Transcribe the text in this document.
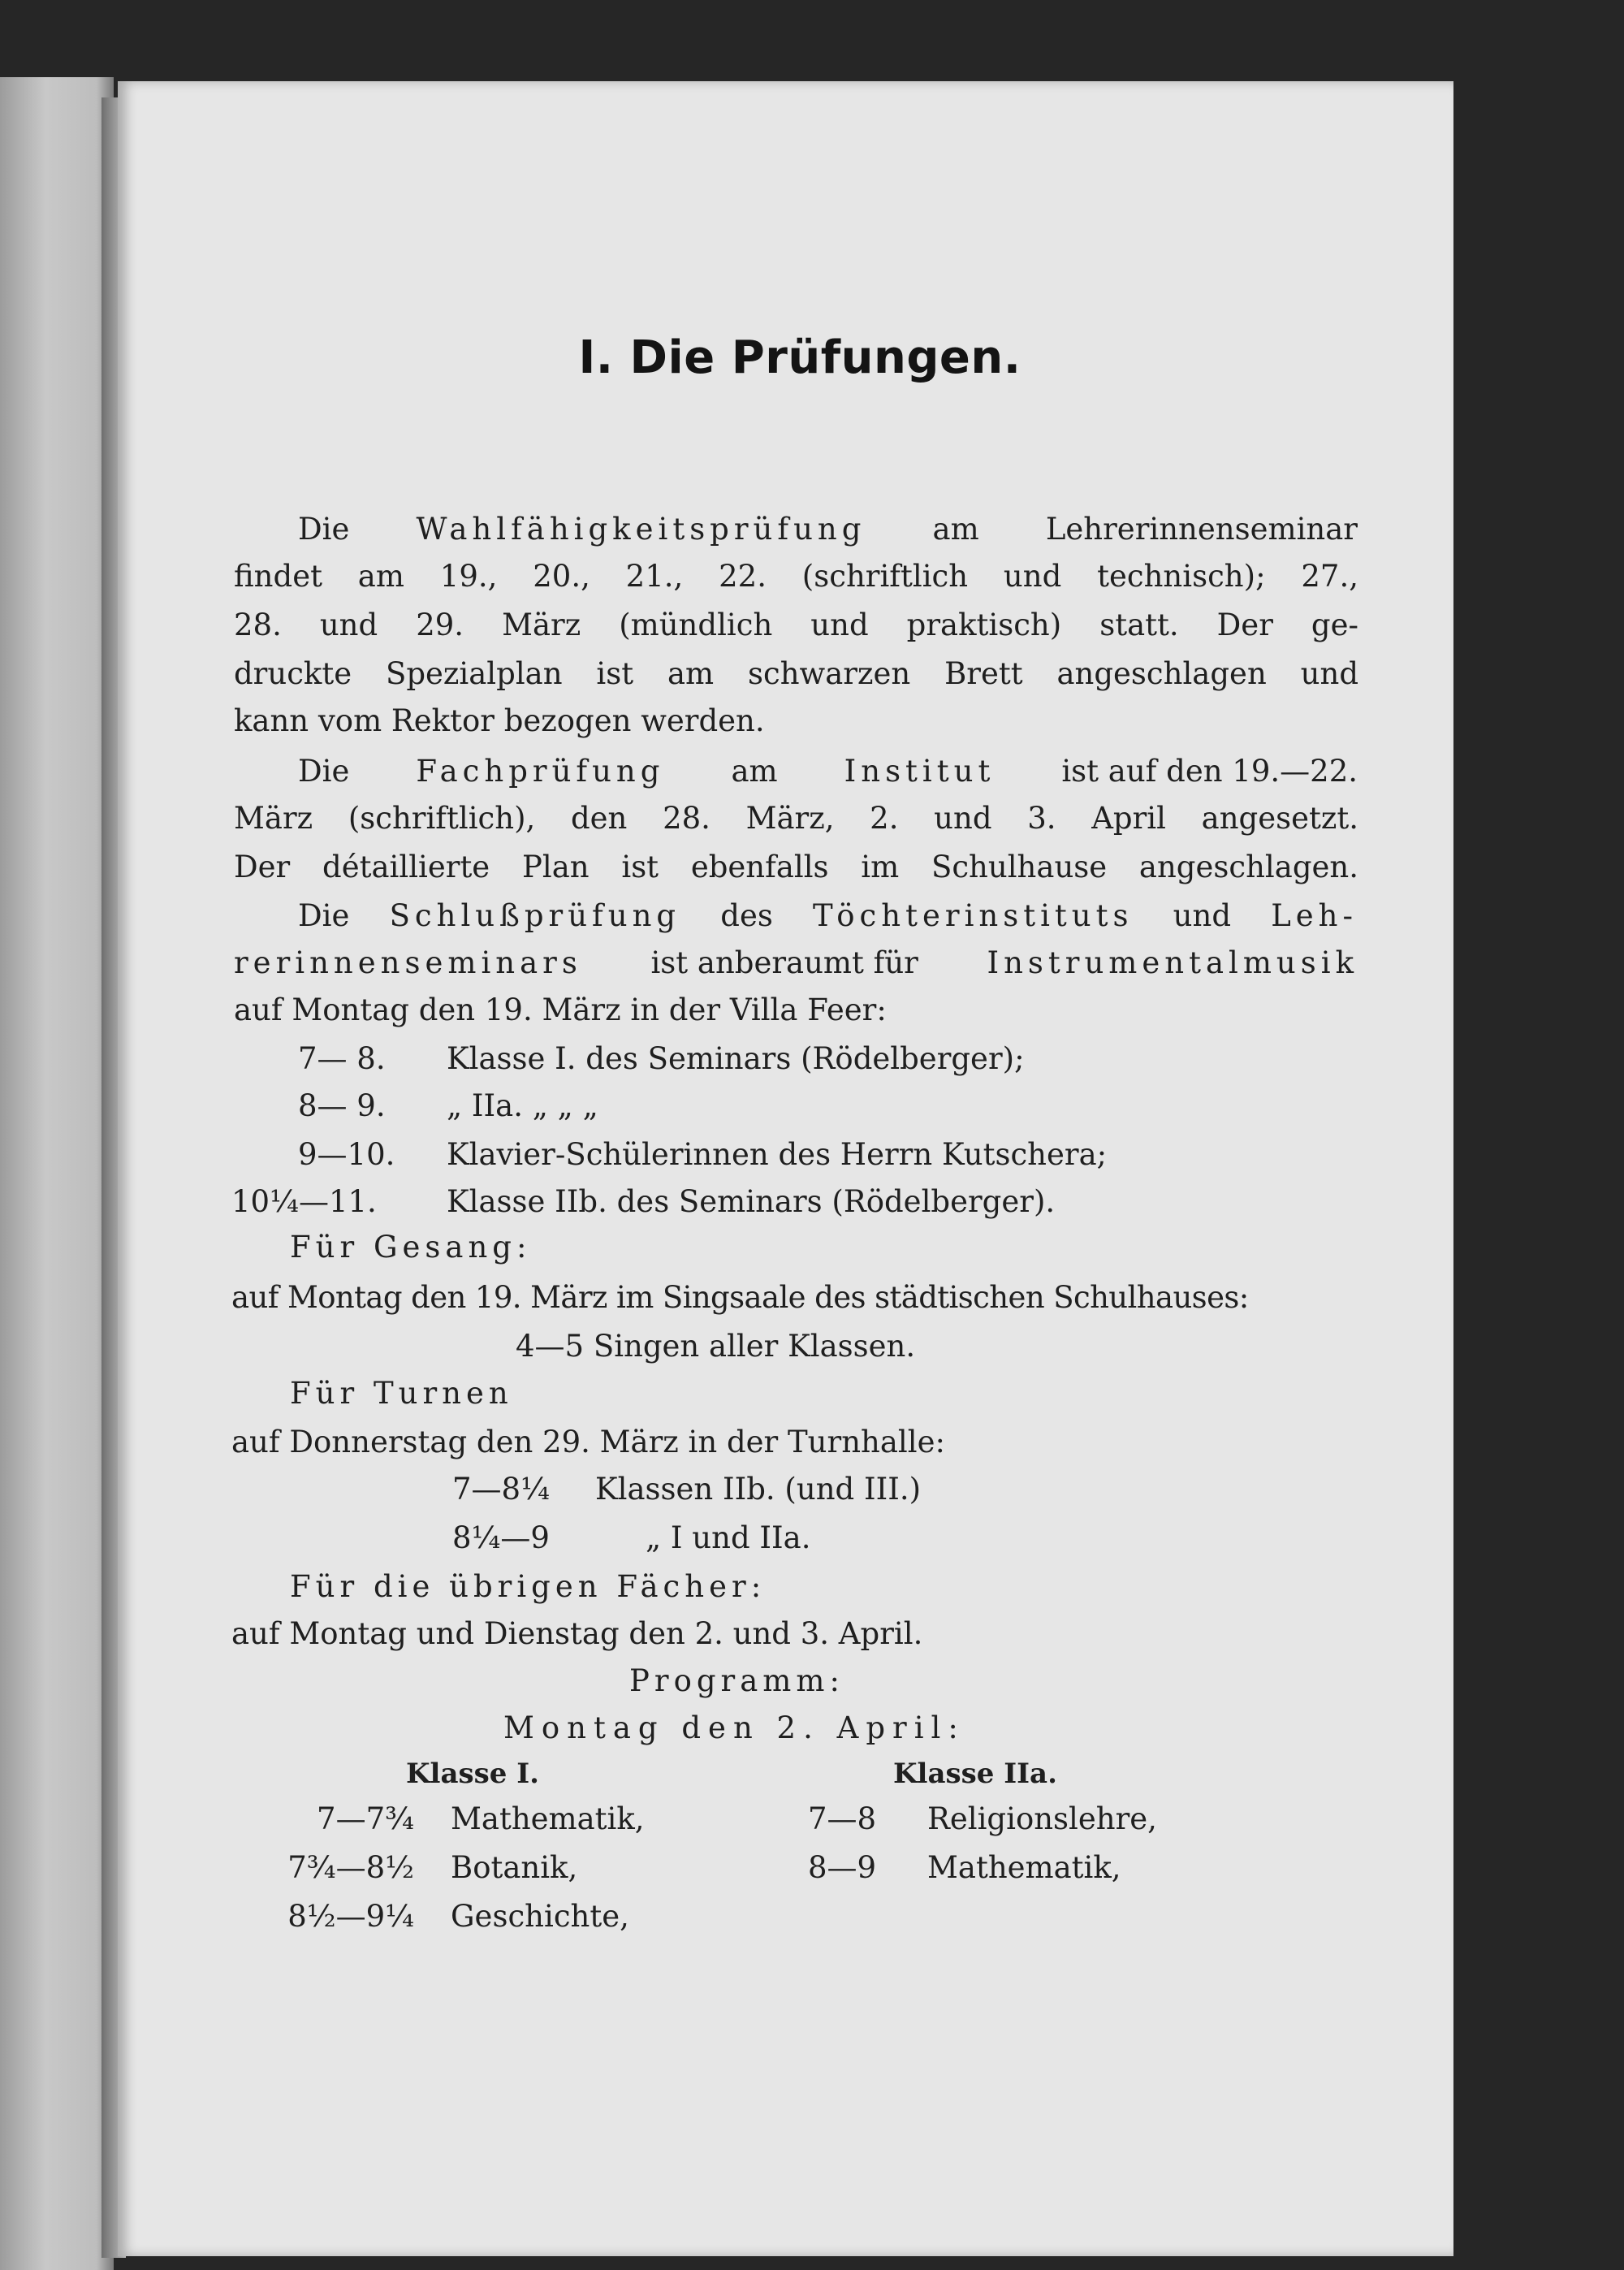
I. Die Prüfungen.
Die Wahlfähigkeitsprüfung am Lehrerinnenseminar
findet am 19., 20., 21., 22. (schriftlich und technisch); 27.,
28. und 29. März (mündlich und praktisch) statt. Der ge-
druckte Spezialplan ist am schwarzen Brett angeschlagen und
kann vom Rektor bezogen werden.
Die Fachprüfung am Institut ist auf den 19.—22.
März (schriftlich), den 28. März, 2. und 3. April angesetzt.
Der détaillierte Plan ist ebenfalls im Schulhause angeschlagen.
Die Schlußprüfung des Töchterinstituts und Leh-
rerinnenseminars ist anberaumt für Instrumentalmusik
auf Montag den 19. März in der Villa Feer:
7— 8. Klasse I. des Seminars (Rödelberger);
8— 9. „ IIa. „ „ „
9—10. Klavier-Schülerinnen des Herrn Kutschera;
10¼—11. Klasse IIb. des Seminars (Rödelberger).
Für Gesang:
auf Montag den 19. März im Singsaale des städtischen Schulhauses:
4—5 Singen aller Klassen.
Für Turnen
auf Donnerstag den 29. März in der Turnhalle:
7—8¼ Klassen IIb. (und III.)
8¼—9	„ I und IIa.
Für die übrigen Fächer:
auf Montag und Dienstag den 2. und 3. April.
Programm:
Montag den 2. April:
Klasse I.
7—7¾ Mathematik,
7¾—8½ Botanik,
8½—9¼ Geschichte,
Klasse IIa.
7—8 Religionslehre,
8—9 Mathematik,
